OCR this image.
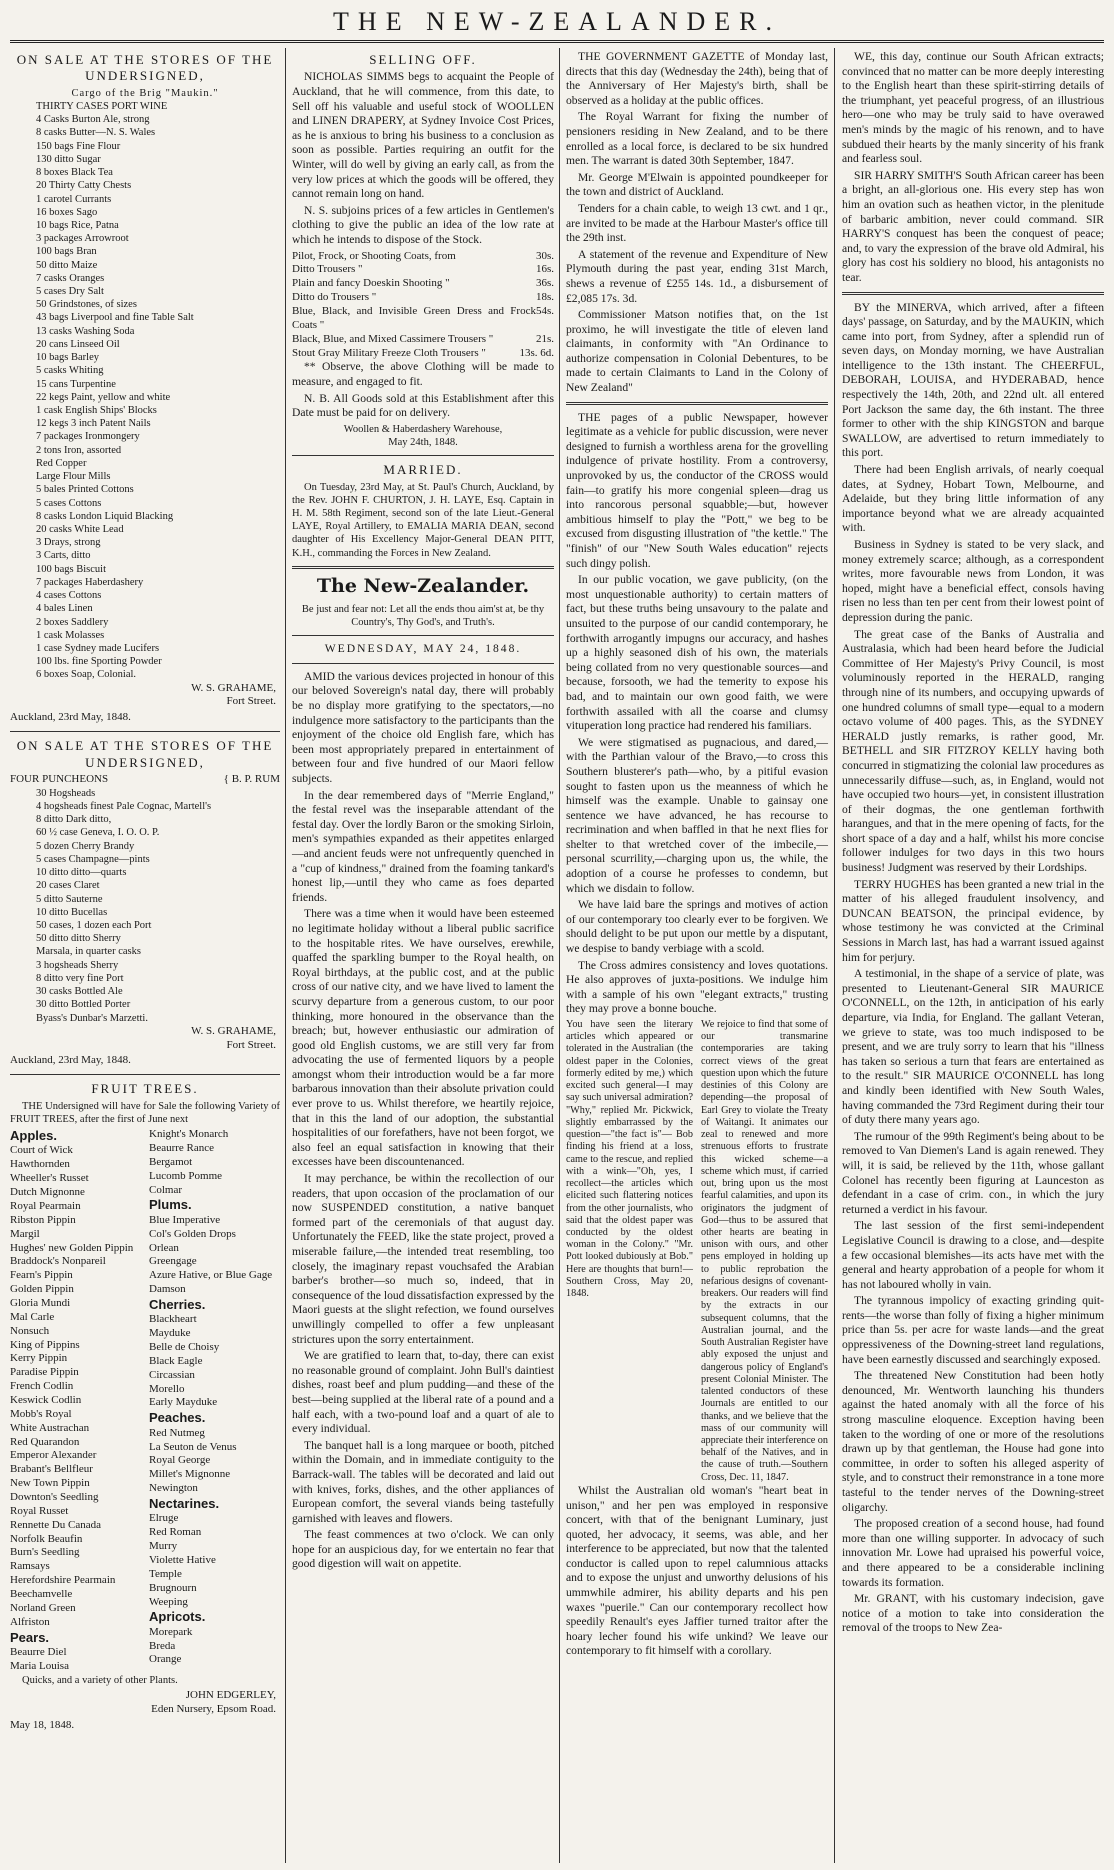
THE NEW-ZEALANDER.
ON SALE AT THE STORES OF THE UNDERSIGNED,
Cargo of the Brig "Maukin."
THIRTY CASES PORT WINE
4 Casks Burton Ale, strong
8 casks Butter—N. S. Wales
150 bags Fine Flour
130 ditto Sugar
8 boxes Black Tea
20 Thirty Catty Chests
1 carotel Currants
16 boxes Sago
10 bags Rice, Patna
3 packages Arrowroot
100 bags Bran
50 ditto Maize
7 casks Oranges
5 cases Dry Salt
50 Grindstones, of sizes
43 bags Liverpool and fine Table Salt
13 casks Washing Soda
20 cans Linseed Oil
10 bags Barley
5 casks Whiting
15 cans Turpentine
22 kegs Paint, yellow and white
1 cask English Ships' Blocks
12 kegs 3 inch Patent Nails
7 packages Ironmongery
2 tons Iron, assorted
Red Copper
Large Flour Mills
5 bales Printed Cottons
5 cases Cottons
8 casks London Liquid Blacking
20 casks White Lead
3 Drays, strong
3 Carts, ditto
100 bags Biscuit
7 packages Haberdashery
4 cases Cottons
4 bales Linen
2 boxes Saddlery
1 cask Molasses
1 case Sydney made Lucifers
100 lbs. fine Sporting Powder
6 boxes Soap, Colonial.
W. S. GRAHAME,
Fort Street.
Auckland, 23rd May, 1848.
ON SALE AT THE STORES OF THE UNDERSIGNED,
FOUR PUNCHEONS	{ B. P. RUM
30 Hogsheads
4 hogsheads finest Pale Cognac, Martell's
8 ditto Dark ditto,
60 ½ case Geneva, I. O. O. P.
5 dozen Cherry Brandy
5 cases Champagne—pints
10 ditto ditto—quarts
20 cases Claret
5 ditto Sauterne
10 ditto Bucellas
50 cases, 1 dozen each Port
50 ditto ditto Sherry
Marsala, in quarter casks
3 hogsheads Sherry
8 ditto very fine Port
30 casks Bottled Ale
30 ditto Bottled Porter
Byass's Dunbar's Marzetti.
W. S. GRAHAME,
Fort Street.
Auckland, 23rd May, 1848.
FRUIT TREES.

THE Undersigned will have for Sale the following Variety of FRUIT TREES, after the first of June next

Apples.
Court of Wick
Hawthornden
Wheeller's Russet
Dutch Mignonne
Royal Pearmain
Ribston Pippin
Margil
Hughes' new Golden Pippin
Braddock's Nonpareil
Fearn's Pippin
Golden Pippin
Gloria Mundi
Mal Carle
Nonsuch
King of Pippins
Kerry Pippin
Paradise Pippin
French Codlin
Keswick Codlin
Mobb's Royal
White Austrachan
Red Quarandon
Emperor Alexander
Brabant's Bellfleur
New Town Pippin
Downton's Seedling
Royal Russet
Rennette Du Canada
Norfolk Beaufin
Burn's Seedling
Ramsays
Herefordshire Pearmain
Beechamvelle
Norland Green
Alfriston
Pears.
Beaurre Diel
Maria Louisa
Knight's Monarch
Beaurre Rance
Bergamot
Lucomb Pomme
Colmar
Plums.
Blue Imperative
Col's Golden Drops
Orlean
Greengage
Azure Hative, or Blue Gage
Damson
Cherries.
Blackheart
Mayduke
Belle de Choisy
Black Eagle
Circassian
Morello
Early Mayduke
Peaches.
Red Nutmeg
La Seuton de Venus
Royal George
Millet's Mignonne
Newington
Nectarines.
Elruge
Red Roman
Murry
Violette Hative
Temple
Brugnourn
Weeping
Apricots.
Morepark
Breda
Orange

Quicks, and a variety of other Plants.

JOHN EDGERLEY,
Eden Nursery, Epsom Road.
May 18, 1848.
SELLING OFF.

NICHOLAS SIMMS begs to acquaint the People of Auckland, that he will commence, from this date, to Sell off his valuable and useful stock of WOOLLEN and LINEN DRAPERY, at Sydney Invoice Cost Prices, as he is anxious to bring his business to a conclusion as soon as possible. Parties requiring an outfit for the Winter, will do well by giving an early call, as from the very low prices at which the goods will be offered, they cannot remain long on hand.

N. S. subjoins prices of a few articles in Gentlemen's clothing to give the public an idea of the low rate at which he intends to dispose of the Stock.

Pilot, Frock, or Shooting Coats, from	30s.
Ditto Trousers "	16s.
Plain and fancy Doeskin Shooting "	36s.
Ditto do Trousers "	18s.
Blue, Black, and Invisible Green Dress and Frock Coats "
54s.
Black, Blue, and Mixed Cassimere Trousers "	21s.
Stout Gray Military Freeze Cloth Trousers "	13s. 6d.

** Observe, the above Clothing will be made to measure, and engaged to fit.

N. B. All Goods sold at this Establishment after this Date must be paid for on delivery.

Woollen & Haberdashery Warehouse,
May 24th, 1848.
MARRIED.

On Tuesday, 23rd May, at St. Paul's Church, Auckland, by the Rev. JOHN F. CHURTON, J. H. LAYE, Esq. Captain in H. M. 58th Regiment, second son of the late Lieut.-General LAYE, Royal Artillery, to EMALIA MARIA DEAN, second daughter of His Excellency Major-General DEAN PITT, K.H., commanding the Forces in New Zealand.

The New-Zealander.
Be just and fear not: Let all the ends thou aim'st at, be thy Country's, Thy God's, and Truth's.
WEDNESDAY, MAY 24, 1848.

AMID the various devices projected in honour of this our beloved Sovereign's natal day, there will probably be no display more gratifying to the spectators,—no indulgence more satisfactory to the participants than the enjoyment of the choice old English fare, which has been most appropriately prepared in entertainment of between four and five hundred of our Maori fellow subjects.

In the dear remembered days of "Merrie England," the festal revel was the inseparable attendant of the festal day. Over the lordly Baron or the smoking Sirloin, men's sympathies expanded as their appetites enlarged—and ancient feuds were not unfrequently quenched in a "cup of kindness," drained from the foaming tankard's honest lip,—until they who came as foes departed friends.

There was a time when it would have been esteemed no legitimate holiday without a liberal public sacrifice to the hospitable rites. We have ourselves, erewhile, quaffed the sparkling bumper to the Royal health, on Royal birthdays, at the public cost, and at the public cross of our native city, and we have lived to lament the scurvy departure from a generous custom, to our poor thinking, more honoured in the observance than the breach; but, however enthusiastic our admiration of good old English customs, we are still very far from advocating the use of fermented liquors by a people amongst whom their introduction would be a far more barbarous innovation than their absolute privation could ever prove to us. Whilst therefore, we heartily rejoice, that in this the land of our adoption, the substantial hospitalities of our forefathers, have not been forgot, we also feel an equal satisfaction in knowing that their excesses have been discountenanced.

It may perchance, be within the recollection of our readers, that upon occasion of the proclamation of our now SUSPENDED constitution, a native banquet formed part of the ceremonials of that august day. Unfortunately the FEED, like the state project, proved a miserable failure,—the intended treat resembling, too closely, the imaginary repast vouchsafed the Arabian barber's brother—so much so, indeed, that in consequence of the loud dissatisfaction expressed by the Maori guests at the slight refection, we found ourselves unwillingly compelled to offer a few unpleasant strictures upon the sorry entertainment.

We are gratified to learn that, to-day, there can exist no reasonable ground of complaint. John Bull's daintiest dishes, roast beef and plum pudding—and these of the best—being supplied at the liberal rate of a pound and a half each, with a two-pound loaf and a quart of ale to every individual.

The banquet hall is a long marquee or booth, pitched within the Domain, and in immediate contiguity to the Barrack-wall. The tables will be decorated and laid out with knives, forks, dishes, and the other appliances of European comfort, the several viands being tastefully garnished with leaves and flowers.

The feast commences at two o'clock. We can only hope for an auspicious day, for we entertain no fear that good digestion will wait on appetite.

THE GOVERNMENT GAZETTE of Monday last, directs that this day (Wednesday the 24th), being that of the Anniversary of Her Majesty's birth, shall be observed as a holiday at the public offices.

The Royal Warrant for fixing the number of pensioners residing in New Zealand, and to be there enrolled as a local force, is declared to be six hundred men. The warrant is dated 30th September, 1847.

Mr. George M'Elwain is appointed poundkeeper for the town and district of Auckland.

Tenders for a chain cable, to weigh 13 cwt. and 1 qr., are invited to be made at the Harbour Master's office till the 29th inst.

A statement of the revenue and Expenditure of New Plymouth during the past year, ending 31st March, shews a revenue of £255 14s. 1d., a disbursement of £2,085 17s. 3d.

Commissioner Matson notifies that, on the 1st proximo, he will investigate the title of eleven land claimants, in conformity with "An Ordinance to authorize compensation in Colonial Debentures, to be made to certain Claimants to Land in the Colony of New Zealand"

THE pages of a public Newspaper, however legitimate as a vehicle for public discussion, were never designed to furnish a worthless arena for the grovelling indulgence of private hostility. From a controversy, unprovoked by us, the conductor of the CROSS would fain—to gratify his more congenial spleen—drag us into rancorous personal squabble;—but, however ambitious himself to play the "Pott," we beg to be excused from disgusting illustration of "the kettle." The "finish" of our "New South Wales education" rejects such dingy polish.

In our public vocation, we gave publicity, (on the most unquestionable authority) to certain matters of fact, but these truths being unsavoury to the palate and unsuited to the purpose of our candid contemporary, he forthwith arrogantly impugns our accuracy, and hashes up a highly seasoned dish of his own, the materials being collated from no very questionable sources—and because, forsooth, we had the temerity to expose his bad, and to maintain our own good faith, we were forthwith assailed with all the coarse and clumsy vituperation long practice had rendered his familiars.

We were stigmatised as pugnacious, and dared,—with the Parthian valour of the Bravo,—to cross this Southern blusterer's path—who, by a pitiful evasion sought to fasten upon us the meanness of which he himself was the example. Unable to gainsay one sentence we have advanced, he has recourse to recrimination and when baffled in that he next flies for shelter to that wretched cover of the imbecile,—personal scurrility,—charging upon us, the while, the adoption of a course he professes to condemn, but which we disdain to follow.

We have laid bare the springs and motives of action of our contemporary too clearly ever to be forgiven. We should delight to be put upon our mettle by a disputant, we despise to bandy verbiage with a scold.

The Cross admires consistency and loves quotations. He also approves of juxta-positions. We indulge him with a sample of his own "elegant extracts," trusting they may prove a bonne bouche.

You have seen the literary articles which appeared or tolerated in the Australian (the oldest paper in the Colonies, formerly edited by me,) which excited such general—I may say such universal admiration? "Why," replied Mr. Pickwick, slightly embarrassed by the question—"the fact is"— Bob finding his friend at a loss, came to the rescue, and replied with a wink—"Oh, yes, I recollect—the articles which elicited such flattering notices from the other journalists, who said that the oldest paper was conducted by the oldest woman in the Colony." "Mr. Pott looked dubiously at Bob." Here are thoughts that burn!—Southern Cross, May 20, 1848.
We rejoice to find that some of our transmarine contemporaries are taking correct views of the great question upon which the future destinies of this Colony are depending—the proposal of Earl Grey to violate the Treaty of Waitangi. It animates our zeal to renewed and more strenuous efforts to frustrate this wicked scheme—a scheme which must, if carried out, bring upon us the most fearful calamities, and upon its originators the judgment of God—thus to be assured that other hearts are beating in unison with ours, and other pens employed in holding up to public reprobation the nefarious designs of covenant-breakers. Our readers will find by the extracts in our subsequent columns, that the Australian journal, and the South Australian Register have ably exposed the unjust and dangerous policy of England's present Colonial Minister. The talented conductors of these Journals are entitled to our thanks, and we believe that the mass of our community will appreciate their interference on behalf of the Natives, and in the cause of truth.—Southern Cross, Dec. 11, 1847.

Whilst the Australian old woman's "heart beat in unison," and her pen was employed in responsive concert, with that of the benignant Luminary, just quoted, her advocacy, it seems, was able, and her interference to be appreciated, but now that the talented conductor is called upon to repel calumnious attacks and to expose the unjust and unworthy delusions of his ummwhile admirer, his ability departs and his pen waxes "puerile." Can our contemporary recollect how speedily Renault's eyes Jaffier turned traitor after the hoary lecher found his wife unkind? We leave our contemporary to fit himself with a corollary.

WE, this day, continue our South African extracts; convinced that no matter can be more deeply interesting to the English heart than these spirit-stirring details of the triumphant, yet peaceful progress, of an illustrious hero—one who may be truly said to have overawed men's minds by the magic of his renown, and to have subdued their hearts by the manly sincerity of his frank and fearless soul.

SIR HARRY SMITH'S South African career has been a bright, an all-glorious one. His every step has won him an ovation such as heathen victor, in the plenitude of barbaric ambition, never could command. SIR HARRY'S conquest has been the conquest of peace; and, to vary the expression of the brave old Admiral, his glory has cost his soldiery no blood, his antagonists no tear.

BY the MINERVA, which arrived, after a fifteen days' passage, on Saturday, and by the MAUKIN, which came into port, from Sydney, after a splendid run of seven days, on Monday morning, we have Australian intelligence to the 13th instant. The CHEERFUL, DEBORAH, LOUISA, and HYDERABAD, hence respectively the 14th, 20th, and 22nd ult. all entered Port Jackson the same day, the 6th instant. The three former to other with the ship KINGSTON and barque SWALLOW, are advertised to return immediately to this port.

There had been English arrivals, of nearly coequal dates, at Sydney, Hobart Town, Melbourne, and Adelaide, but they bring little information of any importance beyond what we are already acquainted with.

Business in Sydney is stated to be very slack, and money extremely scarce; although, as a correspondent writes, more favourable news from London, it was hoped, might have a beneficial effect, consols having risen no less than ten per cent from their lowest point of depression during the panic.

The great case of the Banks of Australia and Australasia, which had been heard before the Judicial Committee of Her Majesty's Privy Council, is most voluminously reported in the HERALD, ranging through nine of its numbers, and occupying upwards of one hundred columns of small type—equal to a modern octavo volume of 400 pages. This, as the SYDNEY HERALD justly remarks, is rather good, Mr. BETHELL and SIR FITZROY KELLY having both concurred in stigmatizing the colonial law procedures as unnecessarily diffuse—such, as, in England, would not have occupied two hours—yet, in consistent illustration of their dogmas, the one gentleman forthwith harangues, and that in the mere opening of facts, for the short space of a day and a half, whilst his more concise follower indulges for two days in this two hours business! Judgment was reserved by their Lordships.

TERRY HUGHES has been granted a new trial in the matter of his alleged fraudulent insolvency, and DUNCAN BEATSON, the principal evidence, by whose testimony he was convicted at the Criminal Sessions in March last, has had a warrant issued against him for perjury.

A testimonial, in the shape of a service of plate, was presented to Lieutenant-General SIR MAURICE O'CONNELL, on the 12th, in anticipation of his early departure, via India, for England. The gallant Veteran, we grieve to state, was too much indisposed to be present, and we are truly sorry to learn that his "illness has taken so serious a turn that fears are entertained as to the result." SIR MAURICE O'CONNELL has long and kindly been identified with New South Wales, having commanded the 73rd Regiment during their tour of duty there many years ago.

The rumour of the 99th Regiment's being about to be removed to Van Diemen's Land is again renewed. They will, it is said, be relieved by the 11th, whose gallant Colonel has recently been figuring at Launceston as defendant in a case of crim. con., in which the jury returned a verdict in his favour.

The last session of the first semi-independent Legislative Council is drawing to a close, and—despite a few occasional blemishes—its acts have met with the general and hearty approbation of a people for whom it has not laboured wholly in vain.

The tyrannous impolicy of exacting grinding quit-rents—the worse than folly of fixing a higher minimum price than 5s. per acre for waste lands—and the great oppressiveness of the Downing-street land regulations, have been earnestly discussed and searchingly exposed.

The threatened New Constitution had been hotly denounced, Mr. Wentworth launching his thunders against the hated anomaly with all the force of his strong masculine eloquence. Exception having been taken to the wording of one or more of the resolutions drawn up by that gentleman, the House had gone into committee, in order to soften his alleged asperity of style, and to construct their remonstrance in a tone more tasteful to the tender nerves of the Downing-street oligarchy.

The proposed creation of a second house, had found more than one willing supporter. In advocacy of such innovation Mr. Lowe had upraised his powerful voice, and there appeared to be a considerable inclining towards its formation.

Mr. GRANT, with his customary indecision, gave notice of a motion to take into consideration the removal of the troops to New Zea-
